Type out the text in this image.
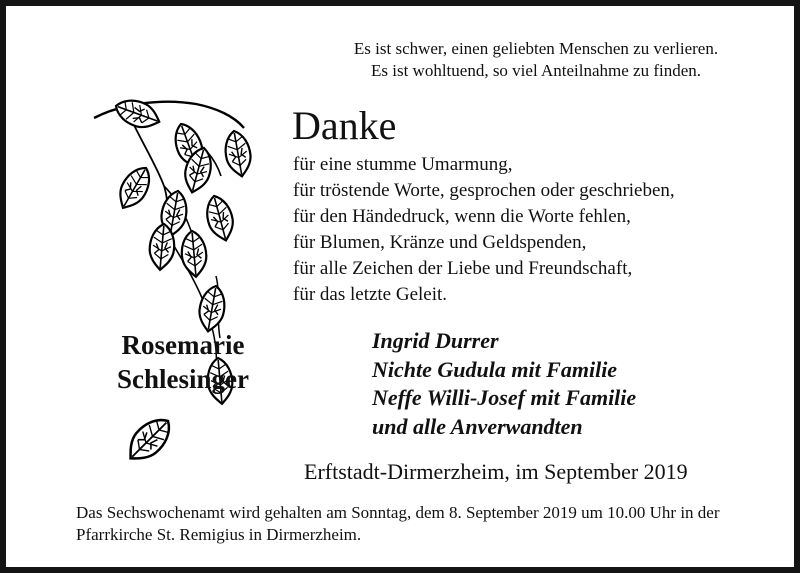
Es ist schwer, einen geliebten Menschen zu verlieren.
Es ist wohltuend, so viel Anteilnahme zu finden.
Rosemarie
Schlesinger
Danke
für eine stumme Umarmung,
für tröstende Worte, gesprochen oder geschrieben,
für den Händedruck, wenn die Worte fehlen,
für Blumen, Kränze und Geldspenden,
für alle Zeichen der Liebe und Freundschaft,
für das letzte Geleit.
Ingrid Durrer
Nichte Gudula mit Familie
Neffe Willi-Josef mit Familie
und alle Anverwandten
Erftstadt-Dirmerzheim, im September 2019
Das Sechswochenamt wird gehalten am Sonntag, dem 8. September 2019 um 10.00 Uhr in der Pfarrkirche St. Remigius in Dirmerzheim.
